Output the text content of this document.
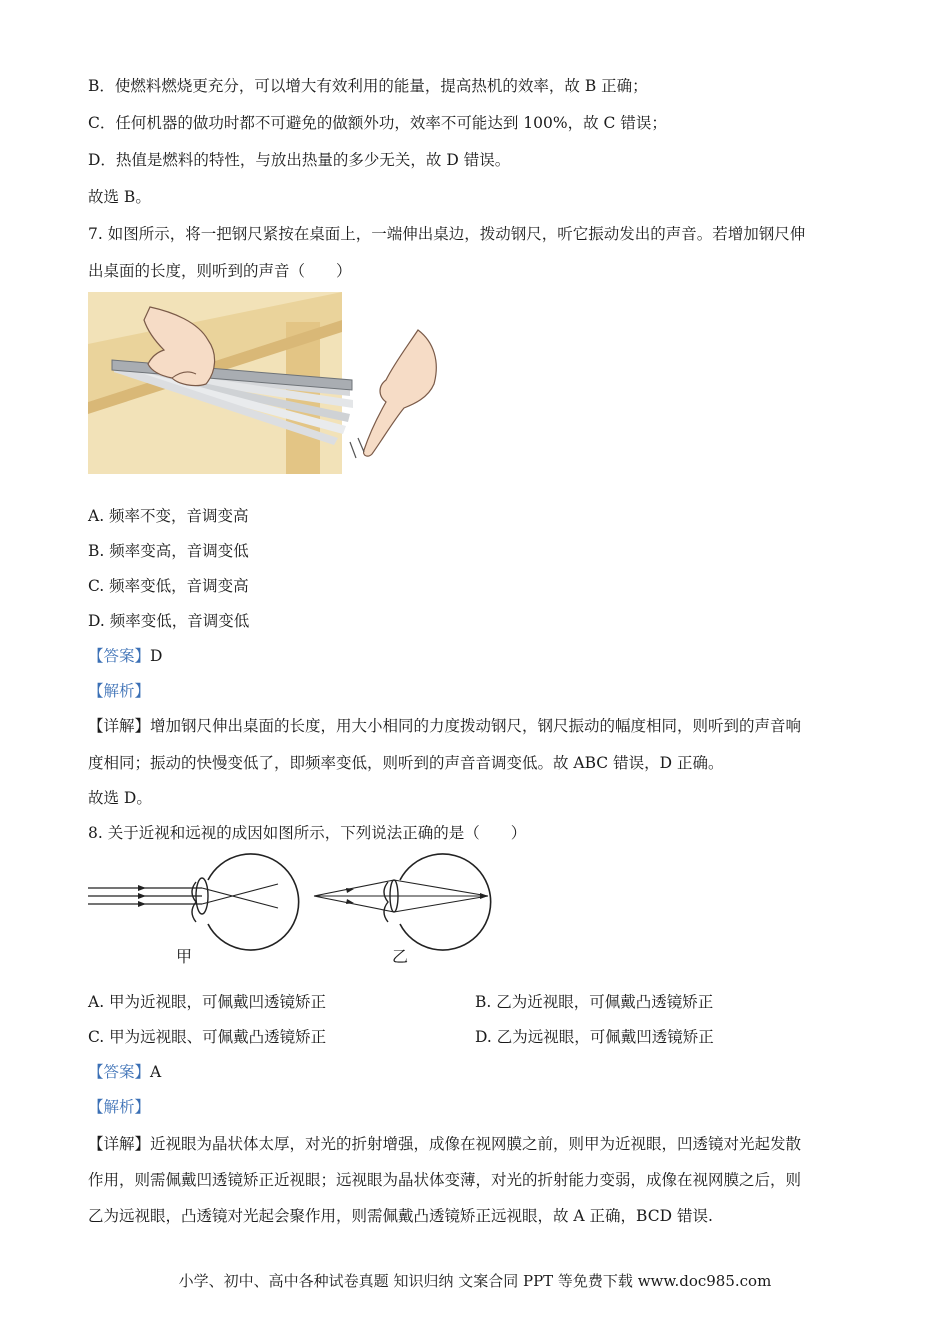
B．使燃料燃烧更充分，可以增大有效利用的能量，提高热机的效率，故 B 正确；
C．任何机器的做功时都不可避免的做额外功，效率不可能达到 100%，故 C 错误；
D．热值是燃料的特性，与放出热量的多少无关，故 D 错误。
故选 B。
7. 如图所示，将一把钢尺紧按在桌面上，一端伸出桌边，拨动钢尺，听它振动发出的声音。若增加钢尺伸
出桌面的长度，则听到的声音（　　）
A. 频率不变，音调变高
B. 频率变高，音调变低
C. 频率变低，音调变高
D. 频率变低，音调变低
【答案】D
【解析】
【详解】增加钢尺伸出桌面的长度，用大小相同的力度拨动钢尺，钢尺振动的幅度相同，则听到的声音响
度相同；振动的快慢变低了，即频率变低，则听到的声音音调变低。故 ABC 错误，D 正确。
故选 D。
8. 关于近视和远视的成因如图所示，下列说法正确的是（　　）
甲	乙
A. 甲为近视眼，可佩戴凹透镜矫正	B. 乙为近视眼，可佩戴凸透镜矫正
C. 甲为远视眼、可佩戴凸透镜矫正	D. 乙为远视眼，可佩戴凹透镜矫正
【答案】A
【解析】
【详解】近视眼为晶状体太厚，对光的折射增强，成像在视网膜之前，则甲为近视眼，凹透镜对光起发散
作用，则需佩戴凹透镜矫正近视眼；远视眼为晶状体变薄，对光的折射能力变弱，成像在视网膜之后，则
乙为远视眼，凸透镜对光起会聚作用，则需佩戴凸透镜矫正远视眼，故 A 正确，BCD 错误.
小学、初中、高中各种试卷真题 知识归纳 文案合同 PPT 等免费下载 www.doc985.com
